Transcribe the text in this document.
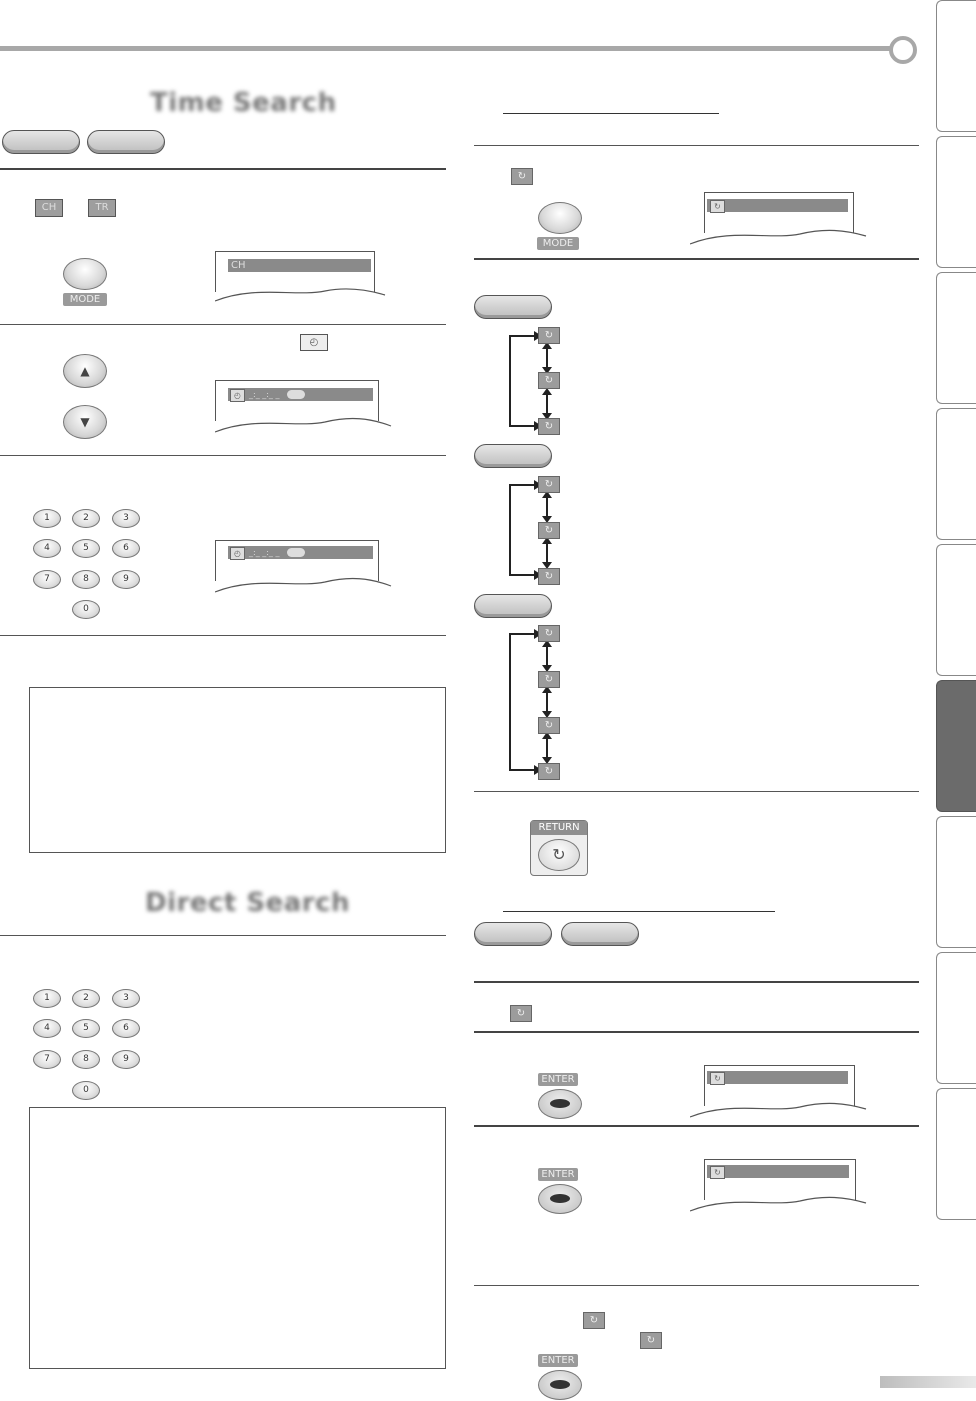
Time Search
CH	TR
MODE
CH
◴
▲
▼
◴	_:_ _:_ _
1	2	3
4	5	6
7	8	9
0
◴	_:_ _:_ _
Direct Search
1	2	3
4	5	6
7	8	9
0
↻
MODE
↻
↻
↻
↻
↻
↻
↻
↻
↻
↻
↻
RETURN
↻
↻
ENTER	↻
ENTER	↻
↻
↻
ENTER
